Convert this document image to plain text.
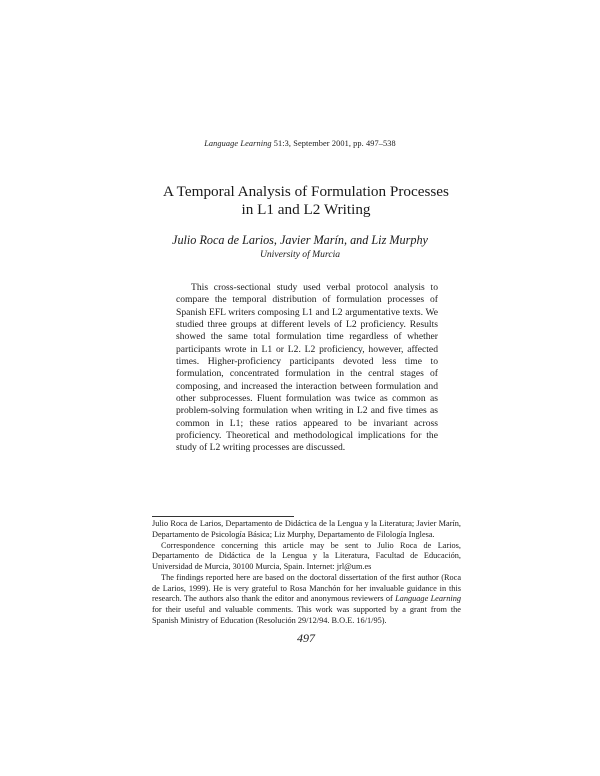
Language Learning 51:3, September 2001, pp. 497–538
A Temporal Analysis of Formulation Processes
in L1 and L2 Writing
Julio Roca de Larios, Javier Marín, and Liz Murphy
University of Murcia

This cross-sectional study used verbal protocol analysis to compare the temporal distribution of formulation processes of Spanish EFL writers composing L1 and L2 argumentative texts. We studied three groups at different levels of L2 proficiency. Results showed the same total formulation time regardless of whether participants wrote in L1 or L2. L2 proficiency, however, affected times. Higher-proficiency participants devoted less time to formulation, concentrated formulation in the central stages of composing, and increased the interaction between formulation and other subprocesses. Fluent formulation was twice as common as problem-solving formulation when writing in L2 and five times as common in L1; these ratios appeared to be invariant across proficiency. Theoretical and methodological implications for the study of L2 writing processes are discussed.

Julio Roca de Larios, Departamento de Didáctica de la Lengua y la Literatura; Javier Marín, Departamento de Psicología Básica; Liz Murphy, Departamento de Filología Inglesa.

Correspondence concerning this article may be sent to Julio Roca de Larios, Departamento de Didáctica de la Lengua y la Literatura, Facultad de Educación, Universidad de Murcia, 30100 Murcia, Spain. Internet: jrl@um.es

The findings reported here are based on the doctoral dissertation of the first author (Roca de Larios, 1999). He is very grateful to Rosa Manchón for her invaluable guidance in this research. The authors also thank the editor and anonymous reviewers of Language Learning for their useful and valuable comments. This work was supported by a grant from the Spanish Ministry of Education (Resolución 29/12/94. B.O.E. 16/1/95).

497
